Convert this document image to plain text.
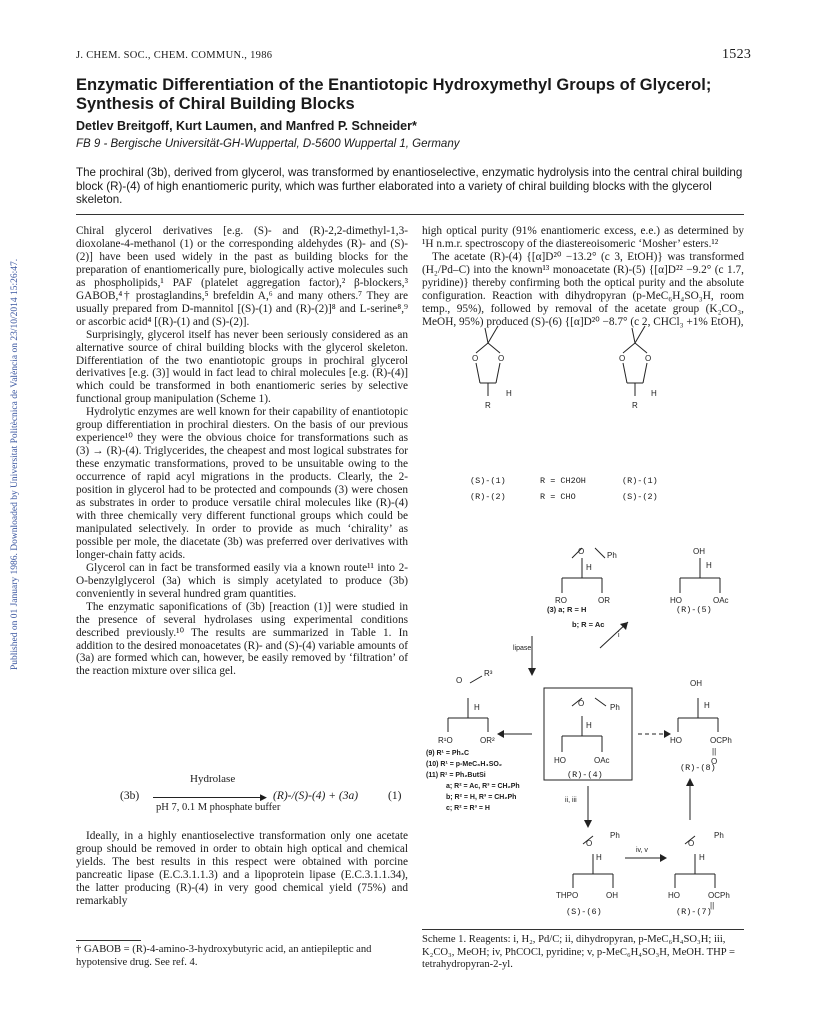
Published on 01 January 1986. Downloaded by Universitat Politècnica de València on 23/10/2014 15:26:47.
J. CHEM. SOC., CHEM. COMMUN., 1986	1523
Enzymatic Differentiation of the Enantiotopic Hydroxymethyl Groups of Glycerol;
Synthesis of Chiral Building Blocks
Detlev Breitgoff, Kurt Laumen, and Manfred P. Schneider*
FB 9 - Bergische Universität-GH-Wuppertal, D-5600 Wuppertal 1, Germany
The prochiral (3b), derived from glycerol, was transformed by enantioselective, enzymatic hydrolysis into the central chiral building block (R)-(4) of high enantiomeric purity, which was further elaborated into a variety of chiral building blocks with the glycerol skeleton.

Chiral glycerol derivatives [e.g. (S)- and (R)-2,2-dimethyl-1,3-dioxolane-4-methanol (1) or the corresponding aldehydes (R)- and (S)-(2)] have been used widely in the past as building blocks for the preparation of enantiomerically pure, biologically active molecules such as phospholipids,¹ PAF (platelet aggregation factor),² β-blockers,³ GABOB,⁴† prostaglandins,⁵ brefeldin A,⁶ and many others.⁷ They are usually prepared from D-mannitol [(S)-(1) and (R)-(2)]⁸ and L-serine⁸,⁹ or ascorbic acid⁴ [(R)-(1) and (S)-(2)].

Surprisingly, glycerol itself has never been seriously considered as an alternative source of chiral building blocks with the glycerol skeleton. Differentiation of the two enantiotopic groups in prochiral glycerol derivatives [e.g. (3)] would in fact lead to chiral molecules [e.g. (R)-(4)] which could be transformed in both enantiomeric series by selective functional group manipulation (Scheme 1).

Hydrolytic enzymes are well known for their capability of enantiotopic group differentiation in prochiral diesters. On the basis of our previous experience¹⁰ they were the obvious choice for transformations such as (3) → (R)-(4). Triglycerides, the cheapest and most logical substrates for these enzymatic transformations, proved to be unsuitable owing to the occurrence of rapid acyl migrations in the products. Clearly, the 2-position in glycerol had to be protected and compounds (3) were chosen as substrates in order to produce versatile chiral molecules like (R)-(4) with three chemically very different functional groups which could be manipulated selectively. In order to provide as much ‘chirality’ as possible per mole, the diacetate (3b) was preferred over derivatives with longer-chain fatty acids.

Glycerol can in fact be transformed easily via a known route¹¹ into 2-O-benzylglycerol (3a) which is simply acetylated to produce (3b) conveniently in several hundred gram quantities.

The enzymatic saponifications of (3b) [reaction (1)] were studied in the presence of several hydrolases using experimental conditions described previously.¹⁰ The results are summarized in Table 1. In addition to the desired monoacetates (R)- and (S)-(4) variable amounts of (3a) are formed which can, however, be easily removed by ‘filtration’ of the reaction mixture over silica gel.

(3b)
Hydrolase
▶
pH 7, 0.1 M phosphate buffer
(R)-/(S)-(4) + (3a)	(1)

Ideally, in a highly enantioselective transformation only one acetate group should be removed in order to obtain high optical and chemical yields. The best results in this respect were obtained with porcine pancreatic lipase (E.C.3.1.1.3) and a lipoprotein lipase (E.C.3.1.1.34), the latter producing (R)-(4) in very good chemical yield (75%) and remarkably

† GABOB = (R)-4-amino-3-hydroxybutyric acid, an antiepileptic and hypotensive drug. See ref. 4.

high optical purity (91% enantiomeric excess, e.e.) as determined by ¹H n.m.r. spectroscopy of the diastereoisomeric ‘Mosher’ esters.¹²

The acetate (R)-(4) {[α]D²⁰ −13.2° (c 3, EtOH)} was transformed (H₂/Pd–C) into the known¹³ monoacetate (R)-(5) {[α]D²² −9.2° (c 1.7, pyridine)} thereby confirming both the optical purity and the absolute configuration. Reaction with dihydropyran (p-MeC₆H₄SO₃H, room temp., 95%), followed by removal of the acetate group (K₂CO₃, MeOH, 95%) produced (S)-(6) {[α]D²⁰ −8.7° (c 2, CHCl₃ +1% EtOH),

O O
H
R
O O
H
R
O	Ph
H
RO	OR
OH
H
HO	OAc
O	Ph
H
HO	OAc
O
R³
H
R¹O	OR²
OH
H
HO	OCPh
||
O
O
Ph
H
THPO	OH
O
Ph
H
HO	OCPh
||
(S)-(1)	R = CH2OH	(R)-(1)
(R)-(2)	R = CHO	(S)-(2)
(3) a; R = H
b; R = Ac
lipase
i
ii, iii
iv, v
(R)-(4)
(R)-(5)
(R)-(8)
(S)-(6)	(R)-(7)
(9) R¹ = Ph₃C
(10) R¹ = p-MeC₆H₄SO₂
(11) R¹ = Ph₂ButSi
a; R² = Ac, R³ = CH₂Ph
b; R² = H, R³ = CH₂Ph
c; R² = R³ = H
Scheme 1. Reagents: i, H₂, Pd/C; ii, dihydropyran, p-MeC₆H₄SO₃H; iii, K₂CO₃, MeOH; iv, PhCOCl, pyridine; v, p-MeC₆H₄SO₃H, MeOH. THP = tetrahydropyran-2-yl.
